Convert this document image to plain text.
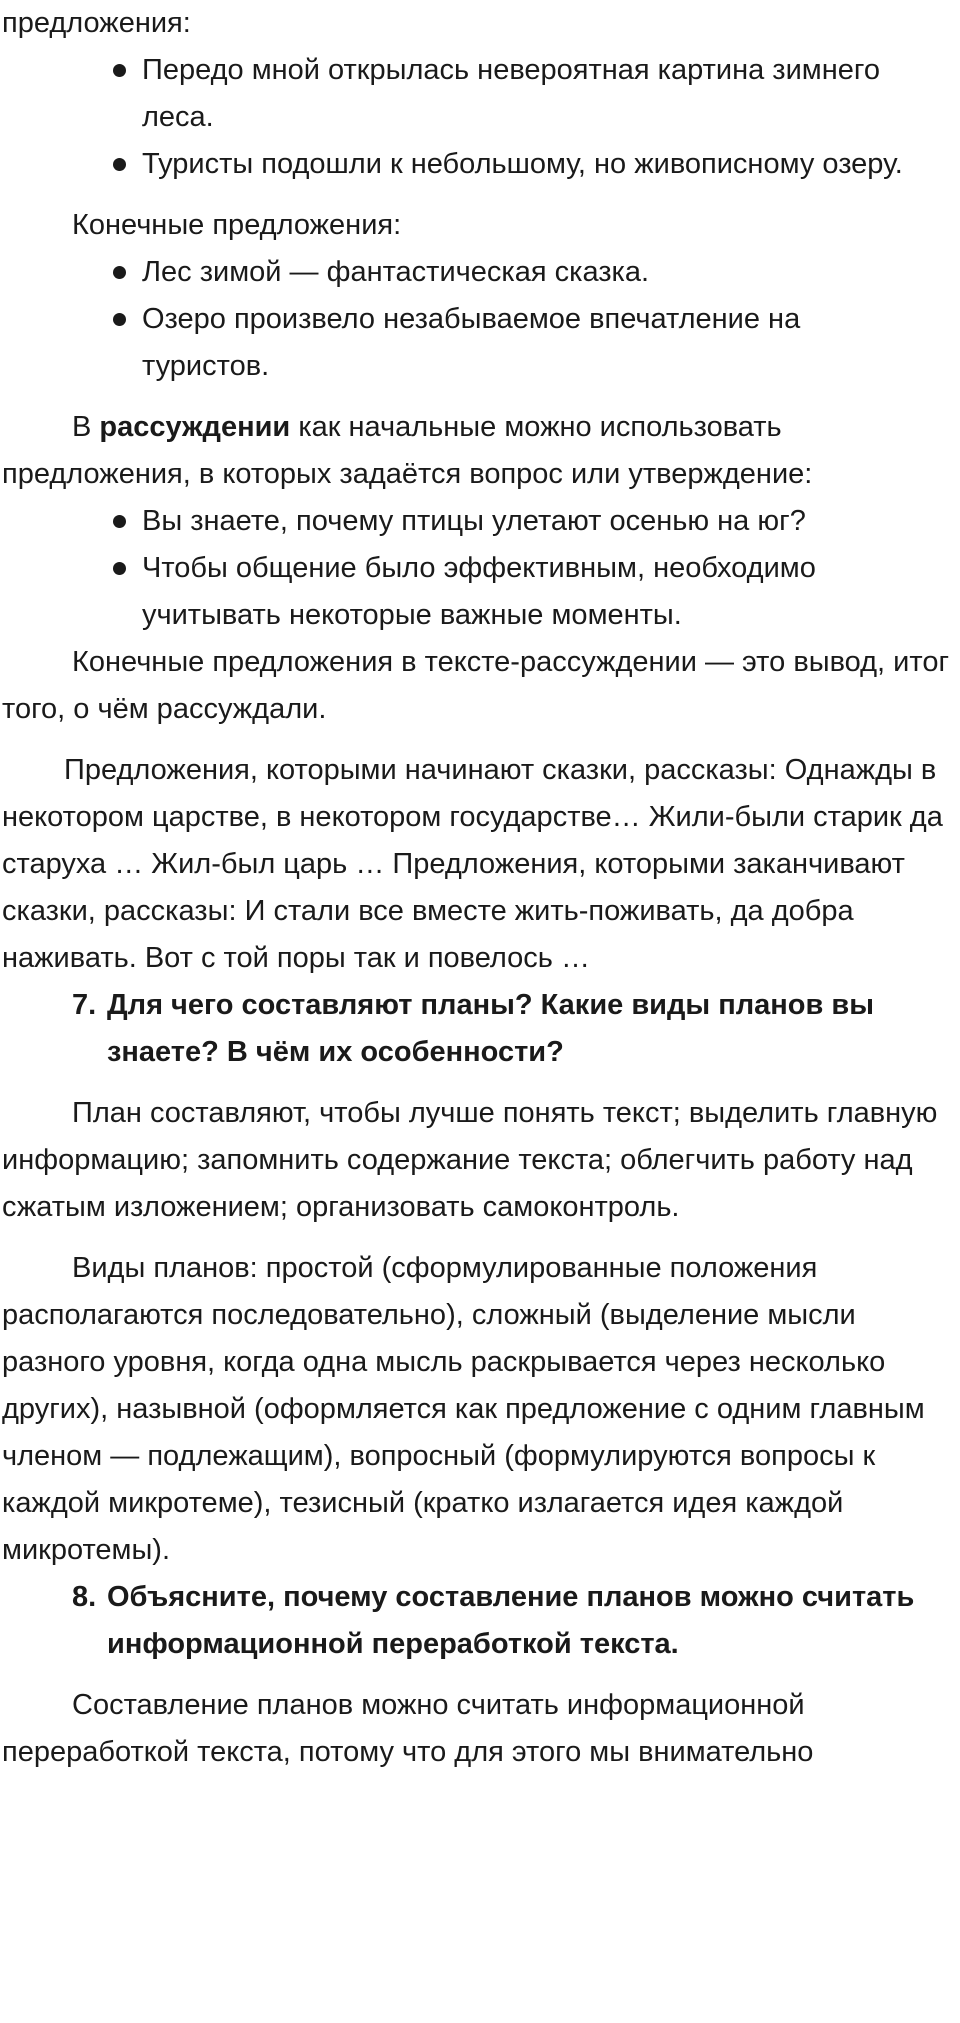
предложения:

Передо мной открылась невероятная картина зимнего леса.
Туристы подошли к небольшому, но живописному озеру.

Конечные предложения:

Лес зимой — фантастическая сказка.
Озеро произвело незабываемое впечатление на туристов.

В рассуждении как начальные можно использовать предложения, в которых задаётся вопрос или утверждение:

Вы знаете, почему птицы улетают осенью на юг?
Чтобы общение было эффективным, необходимо учитывать некоторые важные моменты.

Конечные предложения в тексте-рассуждении — это вывод, итог того, о чём рассуждали.

Предложения, которыми начинают сказки, рассказы: Однажды в некотором царстве, в некотором государстве… Жили-были старик да старуха … Жил-был царь … Предложения, которыми заканчивают сказки, рассказы: И стали все вместе жить-поживать, да добра наживать. Вот с той поры так и повелось …

7. Для чего составляют планы? Какие виды планов вы знаете? В чём их особенности?

План составляют, чтобы лучше понять текст; выделить главную информацию; запомнить содержание текста; облегчить работу над сжатым изложением; организовать самоконтроль.

Виды планов: простой (сформулированные положения располагаются последовательно), сложный (выделение мысли разного уровня, когда одна мысль раскрывается через несколько других), назывной (оформляется как предложение с одним главным членом — подлежащим), вопросный (формулируются вопросы к каждой микротеме), тезисный (кратко излагается идея каждой микротемы).

8. Объясните, почему составление планов можно считать информационной переработкой текста.

Составление планов можно считать информационной переработкой текста, потому что для этого мы внимательно
